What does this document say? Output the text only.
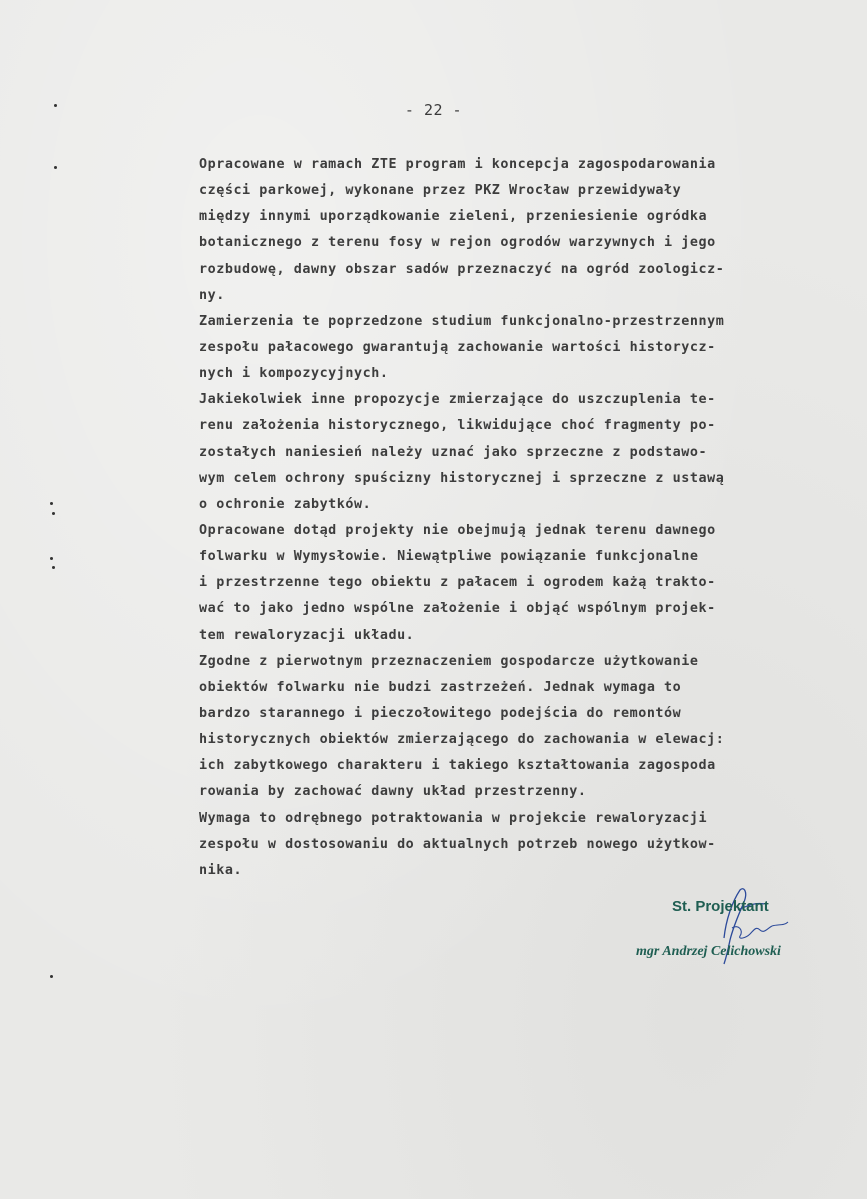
- 22 -
Opracowane w ramach ZTE program i koncepcja zagospodarowania
części parkowej, wykonane przez PKZ Wrocław przewidywały
między innymi uporządkowanie zieleni, przeniesienie ogródka
botanicznego z terenu fosy w rejon ogrodów warzywnych i jego
rozbudowę, dawny obszar sadów przeznaczyć na ogród zoologicz-
ny.
Zamierzenia te poprzedzone studium funkcjonalno-przestrzennym
zespołu pałacowego gwarantują zachowanie wartości historycz-
nych i kompozycyjnych.
Jakiekolwiek inne propozycje zmierzające do uszczuplenia te-
renu założenia historycznego, likwidujące choć fragmenty po-
zostałych naniesień należy uznać jako sprzeczne z podstawo-
wym celem ochrony spuścizny historycznej i sprzeczne z ustawą
o ochronie zabytków.
Opracowane dotąd projekty nie obejmują jednak terenu dawnego
folwarku w Wymysłowie. Niewątpliwe powiązanie funkcjonalne
i przestrzenne tego obiektu z pałacem i ogrodem każą trakto-
wać to jako jedno wspólne założenie i objąć wspólnym projek-
tem rewaloryzacji układu.
Zgodne z pierwotnym przeznaczeniem gospodarcze użytkowanie
obiektów folwarku nie budzi zastrzeżeń. Jednak wymaga to
bardzo starannego i pieczołowitego podejścia do remontów
historycznych obiektów zmierzającego do zachowania w elewacj:
ich zabytkowego charakteru i takiego kształtowania zagospoda
rowania by zachować dawny układ przestrzenny.
Wymaga to odrębnego potraktowania w projekcie rewaloryzacji
zespołu w dostosowaniu do aktualnych potrzeb nowego użytkow-
nika.
St. Projektant
mgr Andrzej Celichowski
